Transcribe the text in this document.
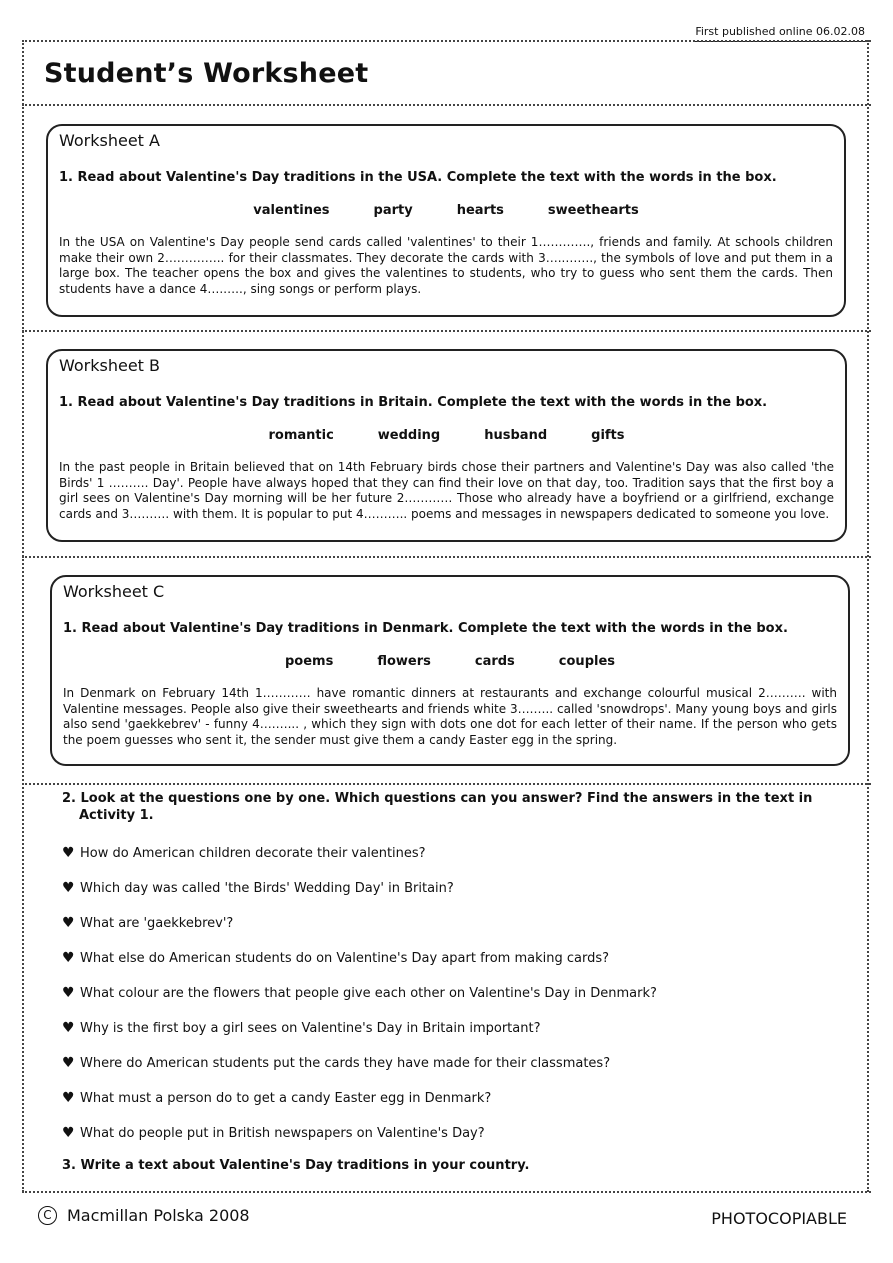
First published online 06.02.08
Student’s Worksheet
Worksheet A

1. Read about Valentine's Day traditions in the USA. Complete the text with the words in the box.

valentines	party	hearts	sweethearts
In the USA on Valentine's Day people send cards called 'valentines' to their 1…………., friends and family. At schools children make their own 2….……….. for their classmates. They decorate the cards with 3…..……., the symbols of love and put them in a large box. The teacher opens the box and gives the valentines to students, who try to guess who sent them the cards. Then students have a dance 4….….., sing songs or perform plays.
Worksheet B

1. Read about Valentine's Day traditions in Britain. Complete the text with the words in the box.

romantic	wedding	husband	gifts
In the past people in Britain believed that on 14th February birds chose their partners and Valentine's Day was also called 'the Birds' 1 ………. Day'. People have always hoped that they can find their love on that day, too. Tradition says that the first boy a girl sees on Valentine's Day morning will be her future 2………… Those who already have a boyfriend or a girlfriend, exchange cards and 3………. with them. It is popular to put 4……….. poems and messages in newspapers dedicated to someone you love.
Worksheet C

1. Read about Valentine's Day traditions in Denmark. Complete the text with the words in the box.

poems	flowers	cards	couples
In Denmark on February 14th 1………… have romantic dinners at restaurants and exchange colourful musical 2………. with Valentine messages. People also give their sweethearts and friends white 3….….. called 'snowdrops'. Many young boys and girls also send 'gaekkebrev' - funny 4….…... , which they sign with dots one dot for each letter of their name. If the person who gets the poem guesses who sent it, the sender must give them a candy Easter egg in the spring.
2. Look at the questions one by one. Which questions can you answer? Find the answers in the text in Activity 1.
♥ How do American children decorate their valentines?
♥ Which day was called 'the Birds' Wedding Day' in Britain?
♥ What are 'gaekkebrev'?
♥ What else do American students do on Valentine's Day apart from making cards?
♥ What colour are the flowers that people give each other on Valentine's Day in Denmark?
♥ Why is the first boy a girl sees on Valentine's Day in Britain important?
♥ Where do American students put the cards they have made for their classmates?
♥ What must a person do to get a candy Easter egg in Denmark?
♥ What do people put in British newspapers on Valentine's Day?
3. Write a text about Valentine's Day traditions in your country.
C Macmillan Polska 2008	PHOTOCOPIABLE
